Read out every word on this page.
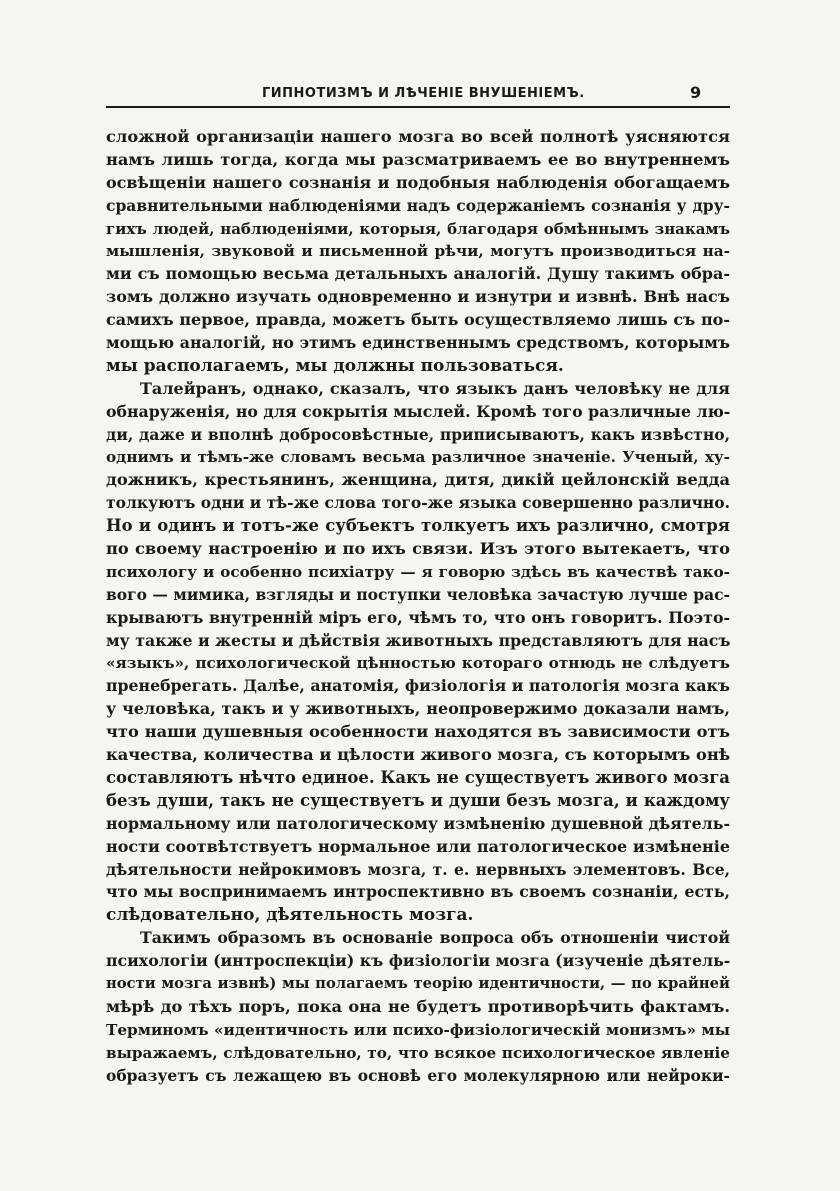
ГИПНОТИЗМЪ И ЛѢЧЕНІЕ ВНУШЕНІЕМЪ.	9
сложной организаціи нашего мозга во всей полнотѣ уясняются
намъ лишь тогда, когда мы разсматриваемъ ее во внутреннемъ
освѣщеніи нашего сознанія и подобныя наблюденія обогащаемъ
сравнительными наблюденіями надъ содержаніемъ сознанія у дру-
гихъ людей, наблюденіями, которыя, благодаря обмѣннымъ знакамъ
мышленія, звуковой и письменной рѣчи, могутъ производиться на-
ми съ помощью весьма детальныхъ аналогій. Душу такимъ обра-
зомъ должно изучать одновременно и изнутри и извнѣ. Внѣ насъ
самихъ первое, правда, можетъ быть осуществляемо лишь съ по-
мощью аналогій, но этимъ единственнымъ средствомъ, которымъ
мы располагаемъ, мы должны пользоваться.
Талейранъ, однако, сказалъ, что языкъ данъ человѣку не для
обнаруженія, но для сокрытія мыслей. Кромѣ того различные лю-
ди, даже и вполнѣ добросовѣстные, приписываютъ, какъ извѣстно,
однимъ и тѣмъ-же словамъ весьма различное значеніе. Ученый, ху-
дожникъ, крестьянинъ, женщина, дитя, дикій цейлонскій ведда
толкуютъ одни и тѣ-же слова того-же языка совершенно различно.
Но и одинъ и тотъ-же субъектъ толкуетъ ихъ различно, смотря
по своему настроенію и по ихъ связи. Изъ этого вытекаетъ, что
психологу и особенно психіатру — я говорю здѣсь въ качествѣ тако-
вого — мимика, взгляды и поступки человѣка зачастую лучше рас-
крываютъ внутренній міръ его, чѣмъ то, что онъ говоритъ. Поэто-
му также и жесты и дѣйствія животныхъ представляютъ для насъ
«языкъ», психологической цѣнностью котораго отнюдь не слѣдуетъ
пренебрегать. Далѣе, анатомія, физіологія и патологія мозга какъ
у человѣка, такъ и у животныхъ, неопровержимо доказали намъ,
что наши душевныя особенности находятся въ зависимости отъ
качества, количества и цѣлости живого мозга, съ которымъ онѣ
составляютъ нѣчто единое. Какъ не существуетъ живого мозга
безъ души, такъ не существуетъ и души безъ мозга, и каждому
нормальному или патологическому измѣненію душевной дѣятель-
ности соотвѣтствуетъ нормальное или патологическое измѣненіе
дѣятельности нейрокимовъ мозга, т. е. нервныхъ элементовъ. Все,
что мы воспринимаемъ интроспективно въ своемъ сознаніи, есть,
слѣдовательно, дѣятельность мозга.
Такимъ образомъ въ основаніе вопроса объ отношеніи чистой
психологіи (интроспекціи) къ физіологіи мозга (изученіе дѣятель-
ности мозга извнѣ) мы полагаемъ теорію идентичности, — по крайней
мѣрѣ до тѣхъ поръ, пока она не будетъ противорѣчить фактамъ.
Терминомъ «идентичность или психо-физіологическій монизмъ» мы
выражаемъ, слѣдовательно, то, что всякое психологическое явленіе
образуетъ съ лежащею въ основѣ его молекулярною или нейроки-
